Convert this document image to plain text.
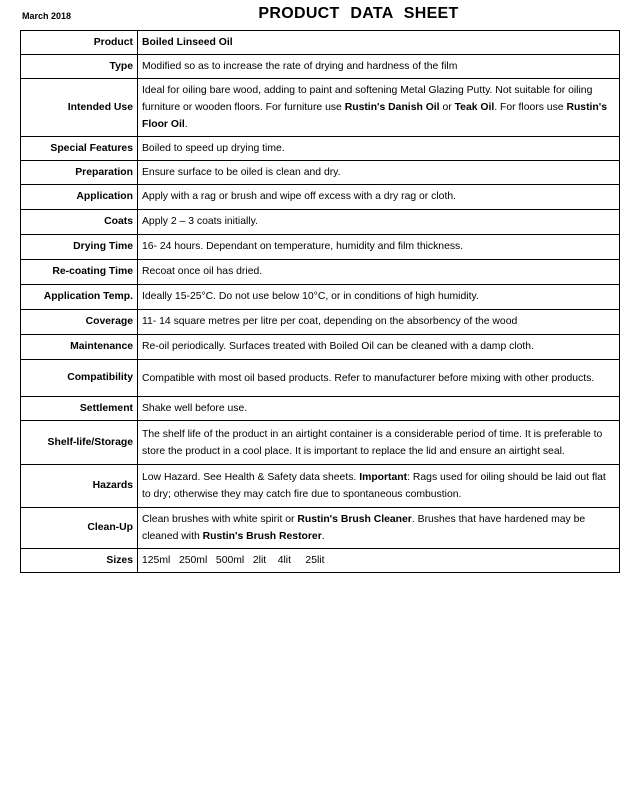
March 2018	PRODUCT DATA SHEET
Product	Boiled Linseed Oil
Type	Modified so as to increase the rate of drying and hardness of the film
Intended Use	Ideal for oiling bare wood, adding to paint and softening Metal Glazing Putty. Not suitable for oiling furniture or wooden floors. For furniture use Rustin's Danish Oil or Teak Oil. For floors use Rustin's Floor Oil.
Special Features	Boiled to speed up drying time.
Preparation	Ensure surface to be oiled is clean and dry.
Application	Apply with a rag or brush and wipe off excess with a dry rag or cloth.
Coats	Apply 2 – 3 coats initially.
Drying Time	16- 24 hours. Dependant on temperature, humidity and film thickness.
Re-coating Time	Recoat once oil has dried.
Application Temp.	Ideally 15-25°C. Do not use below 10°C, or in conditions of high humidity.
Coverage	11- 14 square metres per litre per coat, depending on the absorbency of the wood
Maintenance	Re-oil periodically. Surfaces treated with Boiled Oil can be cleaned with a damp cloth.
Compatibility	Compatible with most oil based products. Refer to manufacturer before mixing with other products.
Settlement	Shake well before use.
Shelf-life/Storage	The shelf life of the product in an airtight container is a considerable period of time. It is preferable to store the product in a cool place. It is important to replace the lid and ensure an airtight seal.
Hazards	Low Hazard. See Health & Safety data sheets. Important: Rags used for oiling should be laid out flat to dry; otherwise they may catch fire due to spontaneous combustion.
Clean-Up	Clean brushes with white spirit or Rustin's Brush Cleaner. Brushes that have hardened may be cleaned with Rustin's Brush Restorer.
Sizes	125ml   250ml   500ml   2lit    4lit     25lit
